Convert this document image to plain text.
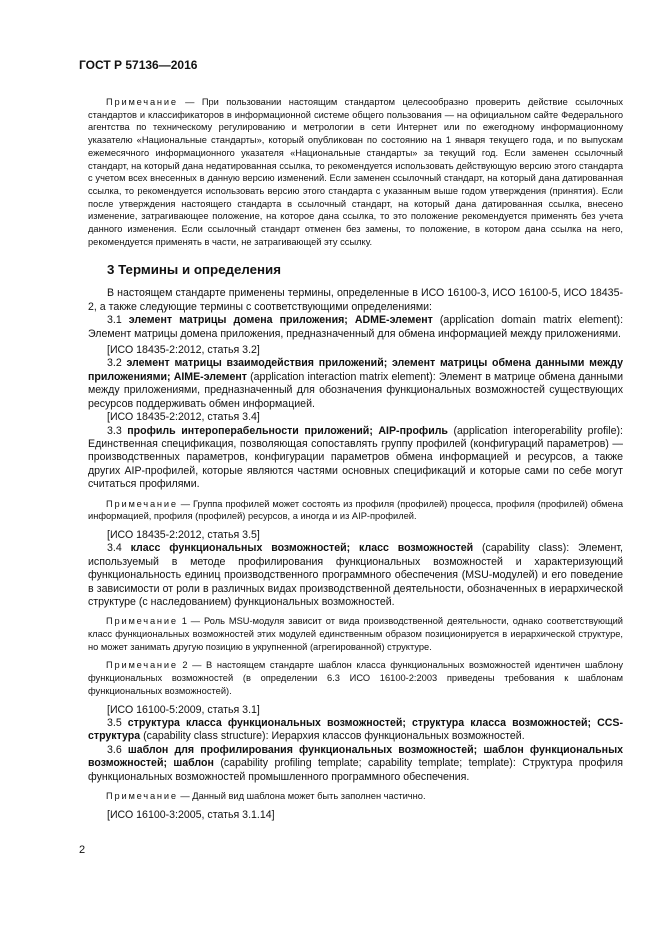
ГОСТ Р 57136—2016

Примечание — При пользовании настоящим стандартом целесообразно проверить действие ссылочных стандартов и классификаторов в информационной системе общего пользования — на официальном сайте Федерального агентства по техническому регулированию и метрологии в сети Интернет или по ежегодному информационному указателю «Национальные стандарты», который опубликован по состоянию на 1 января текущего года, и по выпускам ежемесячного информационного указателя «Национальные стандарты» за текущий год. Если заменен ссылочный стандарт, на который дана недатированная ссылка, то рекомендуется использовать действующую версию этого стандарта с учетом всех внесенных в данную версию изменений. Если заменен ссылочный стандарт, на который дана датированная ссылка, то рекомендуется использовать версию этого стандарта с указанным выше годом утверждения (принятия). Если после утверждения настоящего стандарта в ссылочный стандарт, на который дана датированная ссылка, внесено изменение, затрагивающее положение, на которое дана ссылка, то это положение рекомендуется применять без учета данного изменения. Если ссылочный стандарт отменен без замены, то положение, в котором дана ссылка на него, рекомендуется применять в части, не затрагивающей эту ссылку.

3 Термины и определения

В настоящем стандарте применены термины, определенные в ИСО 16100-3, ИСО 16100-5, ИСО 18435-2, а также следующие термины с соответствующими определениями:

3.1 элемент матрицы домена приложения; ADME-элемент (application domain matrix element): Элемент матрицы домена приложения, предназначенный для обмена информацией между приложениями.

[ИСО 18435-2:2012, статья 3.2]

3.2 элемент матрицы взаимодействия приложений; элемент матрицы обмена данными между приложениями; AIME-элемент (application interaction matrix element): Элемент в матрице обмена данными между приложениями, предназначенный для обозначения функциональных возможностей существующих ресурсов поддерживать обмен информацией.

[ИСО 18435-2:2012, статья 3.4]

3.3 профиль интероперабельности приложений; AIP-профиль (application interoperability profile): Единственная спецификация, позволяющая сопоставлять группу профилей (конфигураций параметров) — производственных параметров, конфигурации параметров обмена информацией и ресурсов, а также других AIP-профилей, которые являются частями основных спецификаций и которые сами по себе могут считаться профилями.

Примечание — Группа профилей может состоять из профиля (профилей) процесса, профиля (профилей) обмена информацией, профиля (профилей) ресурсов, а иногда и из AIP-профилей.

[ИСО 18435-2:2012, статья 3.5]

3.4 класс функциональных возможностей; класс возможностей (capability class): Элемент, используемый в методе профилирования функциональных возможностей и характеризующий функциональность единиц производственного программного обеспечения (MSU-модулей) и его поведение в зависимости от роли в различных видах производственной деятельности, обозначенных в иерархической структуре (с наследованием) функциональных возможностей.

Примечание 1 — Роль MSU-модуля зависит от вида производственной деятельности, однако соответствующий класс функциональных возможностей этих модулей единственным образом позиционируется в иерархической структуре, но может занимать другую позицию в укрупненной (агрегированной) структуре.

Примечание 2 — В настоящем стандарте шаблон класса функциональных возможностей идентичен шаблону функциональных возможностей (в определении 6.3 ИСО 16100-2:2003 приведены требования к шаблонам функциональных возможностей).

[ИСО 16100-5:2009, статья 3.1]

3.5 структура класса функциональных возможностей; структура класса возможностей; CCS-структура (capability class structure): Иерархия классов функциональных возможностей.

3.6 шаблон для профилирования функциональных возможностей; шаблон функциональных возможностей; шаблон (capability profiling template; capability template; template): Структура профиля функциональных возможностей промышленного программного обеспечения.

Примечание — Данный вид шаблона может быть заполнен частично.

[ИСО 16100-3:2005, статья 3.1.14]

2
